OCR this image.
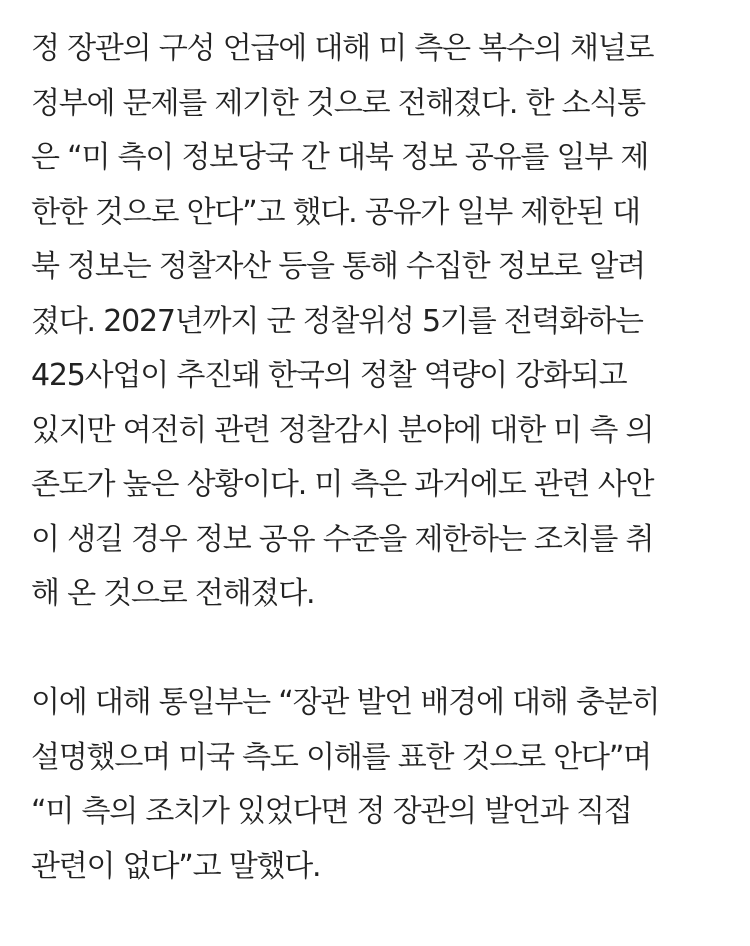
정 장관의 구성 언급에 대해 미 측은 복수의 채널로
정부에 문제를 제기한 것으로 전해졌다. 한 소식통
은 “미 측이 정보당국 간 대북 정보 공유를 일부 제
한한 것으로 안다”고 했다. 공유가 일부 제한된 대
북 정보는 정찰자산 등을 통해 수집한 정보로 알려
졌다. 2027년까지 군 정찰위성 5기를 전력화하는
425사업이 추진돼 한국의 정찰 역량이 강화되고
있지만 여전히 관련 정찰감시 분야에 대한 미 측 의
존도가 높은 상황이다. 미 측은 과거에도 관련 사안
이 생길 경우 정보 공유 수준을 제한하는 조치를 취
해 온 것으로 전해졌다.
이에 대해 통일부는 “장관 발언 배경에 대해 충분히
설명했으며 미국 측도 이해를 표한 것으로 안다”며
“미 측의 조치가 있었다면 정 장관의 발언과 직접
관련이 없다”고 말했다.
